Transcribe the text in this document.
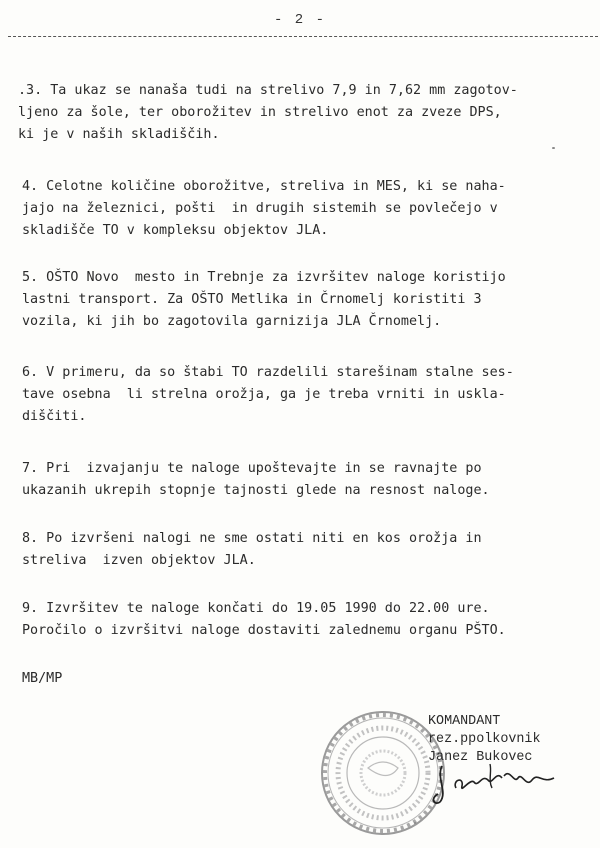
- 2 -
.3. Ta ukaz se nanaša tudi na strelivo 7,9 in 7,62 mm zagotov-
ljeno za šole, ter oborožitev in strelivo enot za zveze DPS,
ki je v naših skladiščih.
4. Celotne količine oborožitve, streliva in MES, ki se naha-
jajo na železnici, pošti  in drugih sistemih se povlečejo v
skladišče TO v kompleksu objektov JLA.
5. OŠTO Novo  mesto in Trebnje za izvršitev naloge koristijo
lastni transport. Za OŠTO Metlika in Črnomelj koristiti 3
vozila, ki jih bo zagotovila garnizija JLA Črnomelj.
6. V primeru, da so štabi TO razdelili starešinam stalne ses-
tave osebna  li strelna orožja, ga je treba vrniti in uskla-
diščiti.
7. Pri  izvajanju te naloge upoštevajte in se ravnajte po
ukazanih ukrepih stopnje tajnosti glede na resnost naloge.
8. Po izvršeni nalogi ne sme ostati niti en kos orožja in
streliva  izven objektov JLA.
9. Izvršitev te naloge končati do 19.05 1990 do 22.00 ure.
Poročilo o izvršitvi naloge dostaviti zalednemu organu PŠTO.
MB/MP
KOMANDANT
rez.ppolkovnik
Janez Bukovec
